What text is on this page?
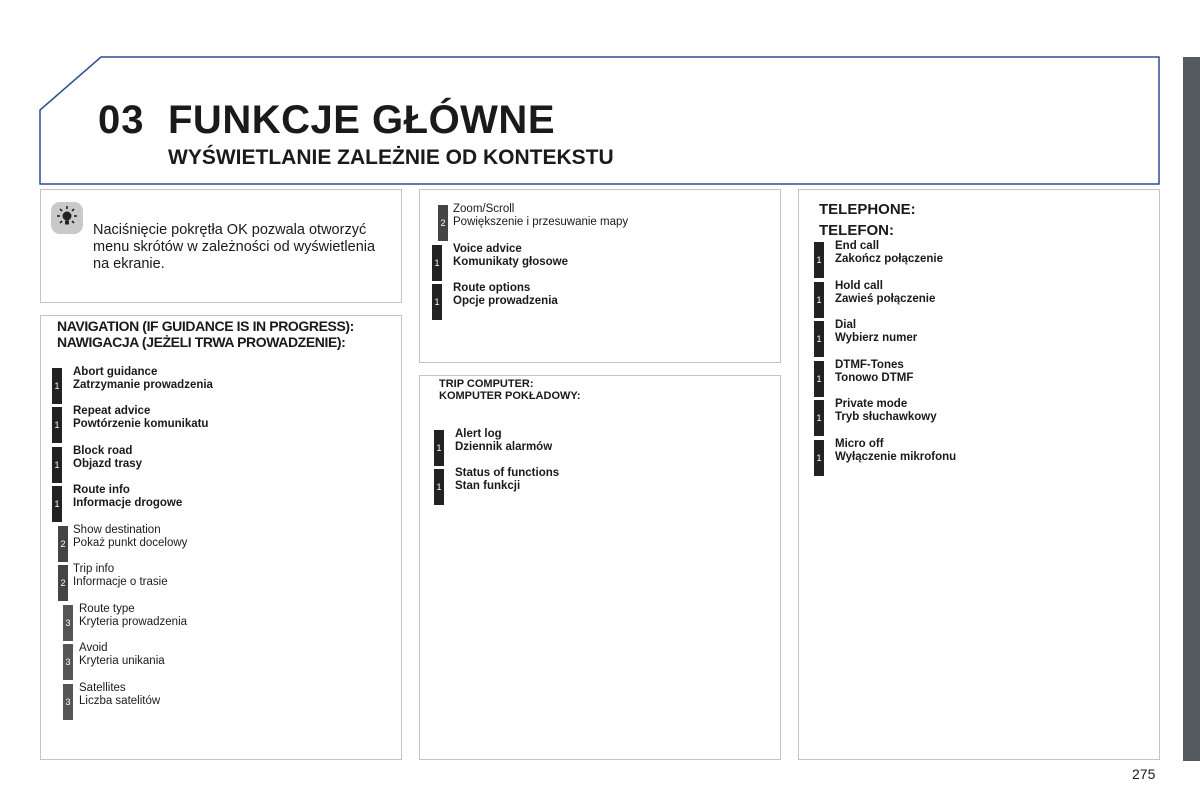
03 FUNKCJE GŁÓWNE
WYŚWIETLANIE ZALEŻNIE OD KONTEKSTU
Naciśnięcie pokrętła OK pozwala otworzyć menu skrótów w zależności od wyświetlenia na ekranie.
NAVIGATION (IF GUIDANCE IS IN PROGRESS):
NAWIGACJA (JEŻELI TRWA PROWADZENIE):
1
Abort guidance
Zatrzymanie prowadzenia
1
Repeat advice
Powtórzenie komunikatu
1
Block road
Objazd trasy
1
Route info
Informacje drogowe
2
Show destination
Pokaż punkt docelowy
2
Trip info
Informacje o trasie
3
Route type
Kryteria prowadzenia
3
Avoid
Kryteria unikania
3
Satellites
Liczba satelitów
2
Zoom/Scroll
Powiększenie i przesuwanie mapy
1
Voice advice
Komunikaty głosowe
1
Route options
Opcje prowadzenia
TRIP COMPUTER:
KOMPUTER POKŁADOWY:
1
Alert log
Dziennik alarmów
1
Status of functions
Stan funkcji
TELEPHONE:
TELEFON:
1
End call
Zakończ połączenie
1
Hold call
Zawieś połączenie
1
Dial
Wybierz numer
1
DTMF-Tones
Tonowo DTMF
1
Private mode
Tryb słuchawkowy
1
Micro off
Wyłączenie mikrofonu
275
